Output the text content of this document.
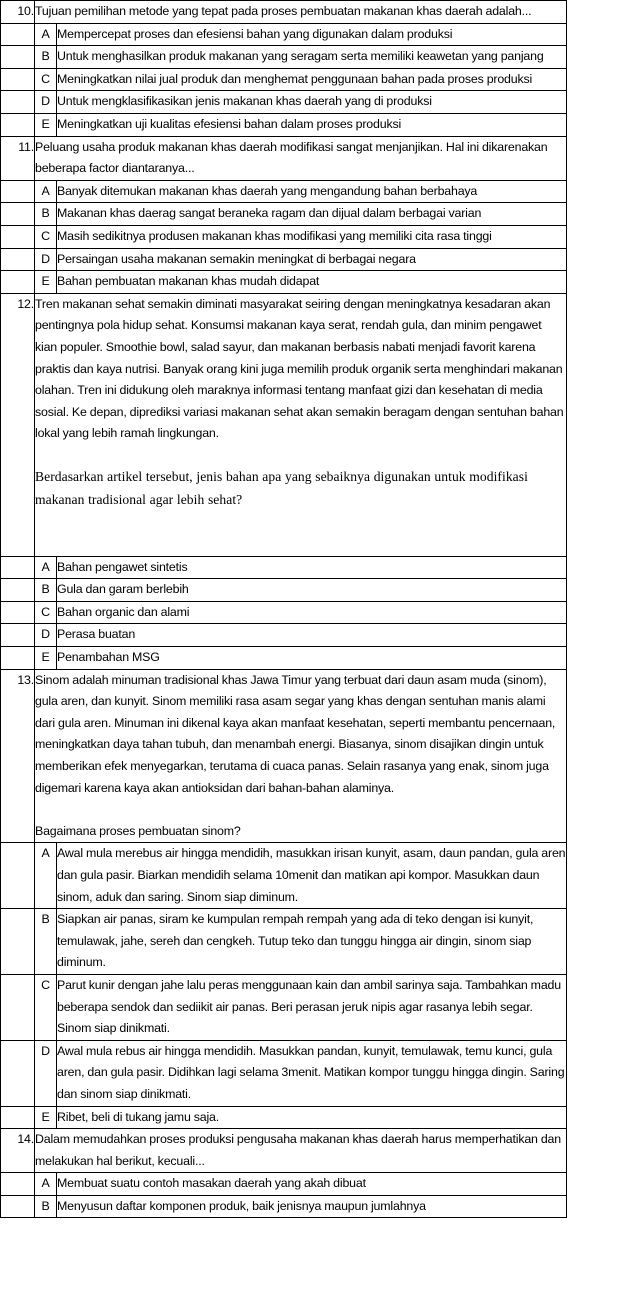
10.	Tujuan pemilihan metode yang tepat pada proses pembuatan makanan khas daerah adalah...	
	A	Mempercepat proses dan efesiensi bahan yang digunakan dalam produksi
	B	Untuk menghasilkan produk makanan yang seragam serta memiliki keawetan yang panjang
	C	Meningkatkan nilai jual produk dan menghemat penggunaan bahan pada proses produksi
	D	Untuk mengklasifikasikan jenis makanan khas daerah yang di produksi
	E	Meningkatkan uji kualitas efesiensi bahan dalam proses produksi
11.	Peluang usaha produk makanan khas daerah modifikasi sangat menjanjikan. Hal ini dikarenakan beberapa factor diantaranya...	
	A	Banyak ditemukan makanan khas daerah yang mengandung bahan berbahaya
	B	Makanan khas daerag sangat beraneka ragam dan dijual dalam berbagai varian
	C	Masih sedikitnya produsen makanan khas modifikasi yang memiliki cita rasa tinggi
	D	Persaingan usaha makanan semakin meningkat di berbagai negara
	E	Bahan pembuatan makanan khas mudah didapat
12.	Tren makanan sehat semakin diminati masyarakat seiring dengan meningkatnya kesadaran akan pentingnya pola hidup sehat. Konsumsi makanan kaya serat, rendah gula, dan minim pengawet kian populer. Smoothie bowl, salad sayur, dan makanan berbasis nabati menjadi favorit karena praktis dan kaya nutrisi. Banyak orang kini juga memilih produk organik serta menghindari makanan olahan. Tren ini didukung oleh maraknya informasi tentang manfaat gizi dan kesehatan di media sosial. Ke depan, diprediksi variasi makanan sehat akan semakin beragam dengan sentuhan bahan lokal yang lebih ramah lingkungan.
Berdasarkan artikel tersebut, jenis bahan apa yang sebaiknya digunakan untuk modifikasi makanan tradisional agar lebih sehat?	

	A	Bahan pengawet sintetis
	B	Gula dan garam berlebih
	C	Bahan organic dan alami
	D	Perasa buatan
	E	Penambahan MSG
13.	Sinom adalah minuman tradisional khas Jawa Timur yang terbuat dari daun asam muda (sinom), gula aren, dan kunyit. Sinom memiliki rasa asam segar yang khas dengan sentuhan manis alami dari gula aren. Minuman ini dikenal kaya akan manfaat kesehatan, seperti membantu pencernaan, meningkatkan daya tahan tubuh, dan menambah energi. Biasanya, sinom disajikan dingin untuk memberikan efek menyegarkan, terutama di cuaca panas. Selain rasanya yang enak, sinom juga digemari karena kaya akan antioksidan dari bahan-bahan alaminya.
Bagaimana proses pembuatan sinom?	
	A	Awal mula merebus air hingga mendidih, masukkan irisan kunyit, asam, daun pandan, gula aren dan gula pasir. Biarkan mendidih selama 10menit dan matikan api kompor. Masukkan daun sinom, aduk dan saring. Sinom siap diminum.
	B	Siapkan air panas, siram ke kumpulan rempah rempah yang ada di teko dengan isi kunyit, temulawak, jahe, sereh dan cengkeh. Tutup teko dan tunggu hingga air dingin, sinom siap diminum.
	C	Parut kunir dengan jahe lalu peras menggunaan kain dan ambil sarinya saja. Tambahkan madu beberapa sendok dan sediikit air panas. Beri perasan jeruk nipis agar rasanya lebih segar. Sinom siap dinikmati.
	D	Awal mula rebus air hingga mendidih. Masukkan pandan, kunyit, temulawak, temu kunci, gula aren, dan gula pasir. Didihkan lagi selama 3menit. Matikan kompor tunggu hingga dingin. Saring dan sinom siap dinikmati.
	E	Ribet, beli di tukang jamu saja.
14.	Dalam memudahkan proses produksi pengusaha makanan khas daerah harus memperhatikan dan melakukan hal berikut, kecuali...	
	A	Membuat suatu contoh masakan daerah yang akah dibuat
	B	Menyusun daftar komponen produk, baik jenisnya maupun jumlahnya
